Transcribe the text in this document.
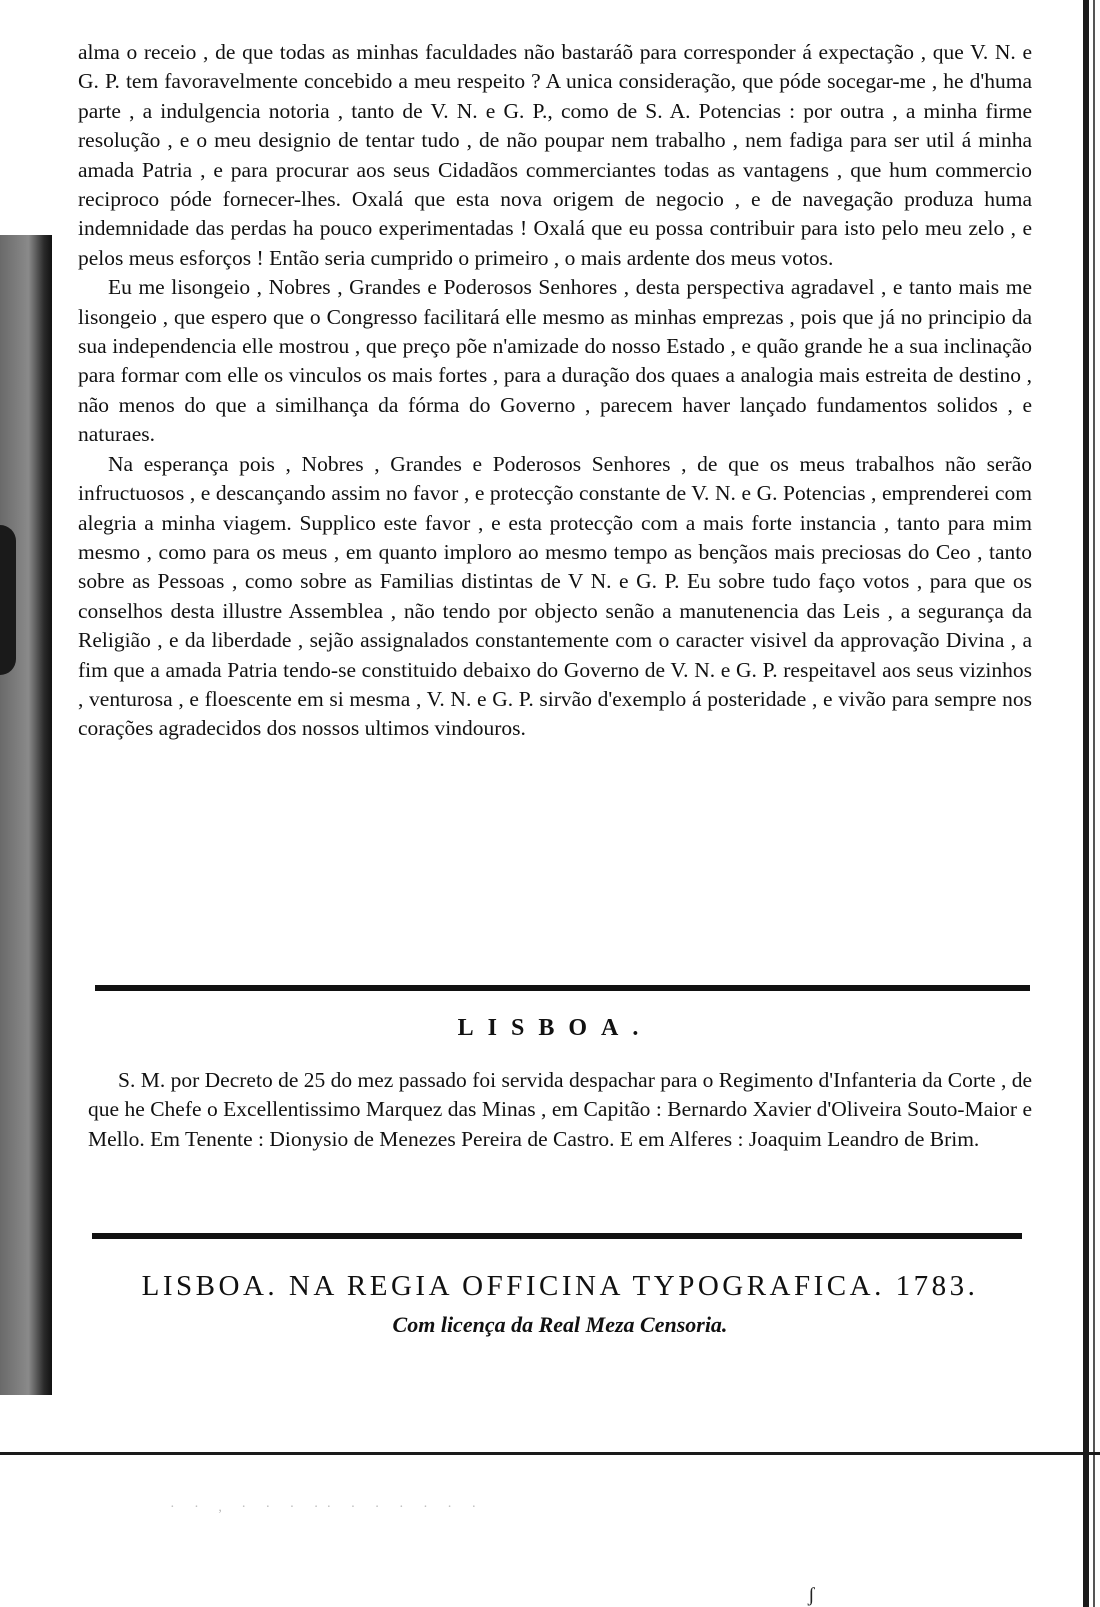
alma o receio , de que todas as minhas faculdades não bastaráõ para corresponder á expectação , que V. N. e G. P. tem favoravelmente concebido a meu respeito ? A unica consideração, que póde socegar-me , he d'huma parte , a indulgencia notoria , tanto de V. N. e G. P., como de S. A. Potencias : por outra , a minha firme resolução , e o meu designio de tentar tudo , de não poupar nem trabalho , nem fadiga para ser util á minha amada Patria , e para procurar aos seus Cidadãos commerciantes todas as vantagens , que hum commercio reciproco póde fornecer-lhes. Oxalá que esta nova origem de negocio , e de navegação produza huma indemnidade das perdas ha pouco experimentadas ! Oxalá que eu possa contribuir para isto pelo meu zelo , e pelos meus esforços ! Então seria cumprido o primeiro , o mais ardente dos meus votos.

Eu me lisongeio , Nobres , Grandes e Poderosos Senhores , desta perspectiva agradavel , e tanto mais me lisongeio , que espero que o Congresso facilitará elle mesmo as minhas emprezas , pois que já no principio da sua independencia elle mostrou , que preço põe n'amizade do nosso Estado , e quão grande he a sua inclinação para formar com elle os vinculos os mais fortes , para a duração dos quaes a analogia mais estreita de destino , não menos do que a similhança da fórma do Governo , parecem haver lançado fundamentos solidos , e naturaes.

Na esperança pois , Nobres , Grandes e Poderosos Senhores , de que os meus trabalhos não serão infructuosos , e descançando assim no favor , e protecção constante de V. N. e G. Potencias , emprenderei com alegria a minha viagem. Supplico este favor , e esta protecção com a mais forte instancia , tanto para mim mesmo , como para os meus , em quanto imploro ao mesmo tempo as bençãos mais preciosas do Ceo , tanto sobre as Pessoas , como sobre as Familias distintas de V N. e G. P. Eu sobre tudo faço votos , para que os conselhos desta illustre Assemblea , não tendo por objecto senão a manutenencia das Leis , a segurança da Religião , e da liberdade , sejão assignalados constantemente com o caracter visivel da approvação Divina , a fim que a amada Patria tendo-se constituido debaixo do Governo de V. N. e G. P. respeitavel aos seus vizinhos , venturosa , e floescente em si mesma , V. N. e G. P. sirvão d'exemplo á posteridade , e vivão para sempre nos corações agradecidos dos nossos ultimos vindouros.

LISBOA.

S. M. por Decreto de 25 do mez passado foi servida despachar para o Regimento d'Infanteria da Corte , de que he Chefe o Excellentissimo Marquez das Minas , em Capitão : Bernardo Xavier d'Oliveira Souto-Maior e Mello. Em Tenente : Dionysio de Menezes Pereira de Castro. E em Alferes : Joaquim Leandro de Brim.

LISBOA. NA REGIA OFFICINA TYPOGRAFICA. 1783.
Com licença da Real Meza Censoria.
· · , · · · ·· · · · · · ·
ʃ
